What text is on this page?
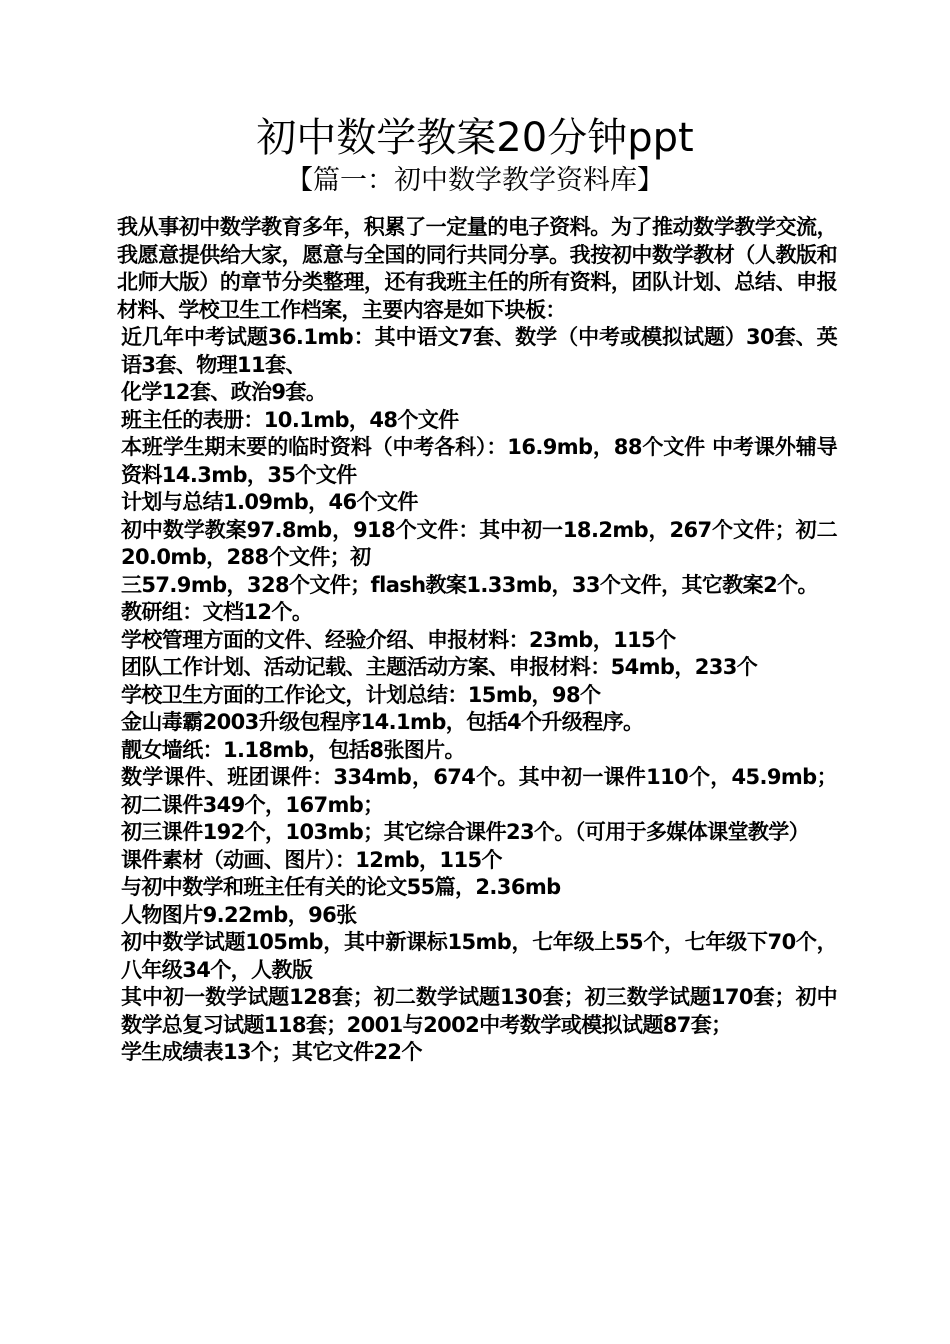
初中数学教案20分钟ppt
【篇一：初中数学教学资料库】

我从事初中数学教育多年，积累了一定量的电子资料。为了推动数学教学交流，我愿意提供给大家，愿意与全国的同行共同分享。我按初中数学教材（人教版和北师大版）的章节分类整理，还有我班主任的所有资料，团队计划、总结、申报材料、学校卫生工作档案，主要内容是如下块板：

近几年中考试题36.1mb：其中语文7套、数学（中考或模拟试题）30套、英语3套、物理11套、

化学12套、政治9套。

班主任的表册：10.1mb，48个文件

本班学生期末要的临时资料（中考各科）：16.9mb，88个文件 中考课外辅导资料14.3mb，35个文件

计划与总结1.09mb，46个文件

初中数学教案97.8mb，918个文件：其中初一18.2mb，267个文件；初二20.0mb，288个文件；初

三57.9mb，328个文件；flash教案1.33mb，33个文件，其它教案2个。

教研组：文档12个。

学校管理方面的文件、经验介绍、申报材料：23mb，115个

团队工作计划、活动记载、主题活动方案、申报材料：54mb，233个

学校卫生方面的工作论文，计划总结：15mb，98个

金山毒霸2003升级包程序14.1mb，包括4个升级程序。

靓女墙纸：1.18mb，包括8张图片。

数学课件、班团课件：334mb，674个。其中初一课件110个，45.9mb；初二课件349个，167mb；

初三课件192个，103mb；其它综合课件23个。（可用于多媒体课堂教学）

课件素材（动画、图片）：12mb，115个

与初中数学和班主任有关的论文55篇，2.36mb

人物图片9.22mb，96张

初中数学试题105mb，其中新课标15mb，七年级上55个，七年级下70个，八年级34个，人教版

其中初一数学试题128套；初二数学试题130套；初三数学试题170套；初中数学总复习试题118套；2001与2002中考数学或模拟试题87套；

学生成绩表13个；其它文件22个
